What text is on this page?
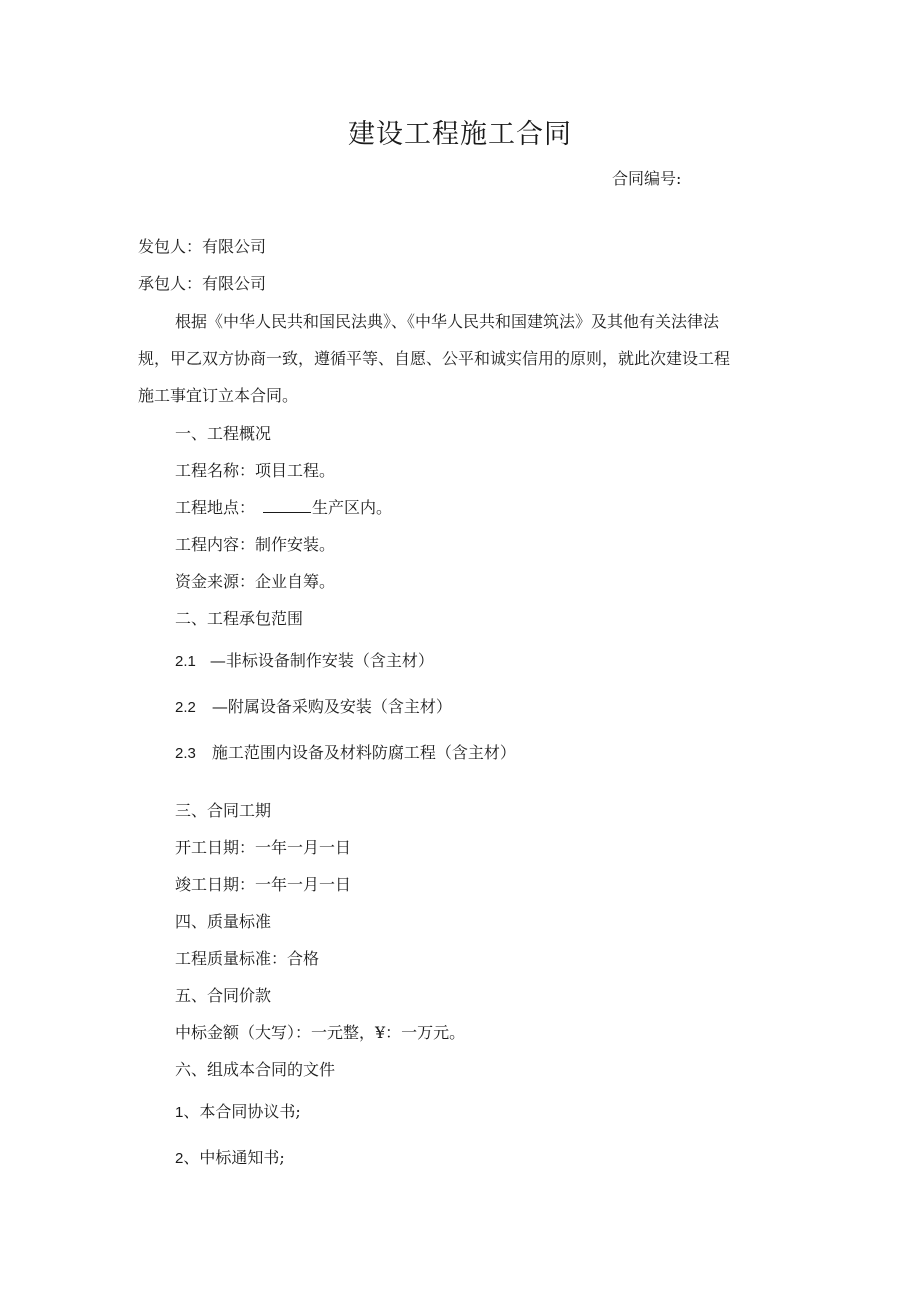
建设工程施工合同
合同编号:
发包人：有限公司
承包人：有限公司
根据《中华人民共和国民法典》、《中华人民共和国建筑法》及其他有关法律法
规，甲乙双方协商一致，遵循平等、自愿、公平和诚实信用的原则，就此次建设工程
施工事宜订立本合同。
一、工程概况
工程名称：项目工程。
工程地点：	生产区内。
工程内容：制作安装。
资金来源：企业自筹。
二、工程承包范围
2.1 —非标设备制作安装（含主材）
2.2 —附属设备采购及安装（含主材）
2.3 施工范围内设备及材料防腐工程（含主材）
三、合同工期
开工日期：一年一月一日
竣工日期：一年一月一日
四、质量标准
工程质量标准：合格
五、合同价款
中标金额（大写）：一元整，¥：一万元。
六、组成本合同的文件
1、本合同协议书;
2、中标通知书;
